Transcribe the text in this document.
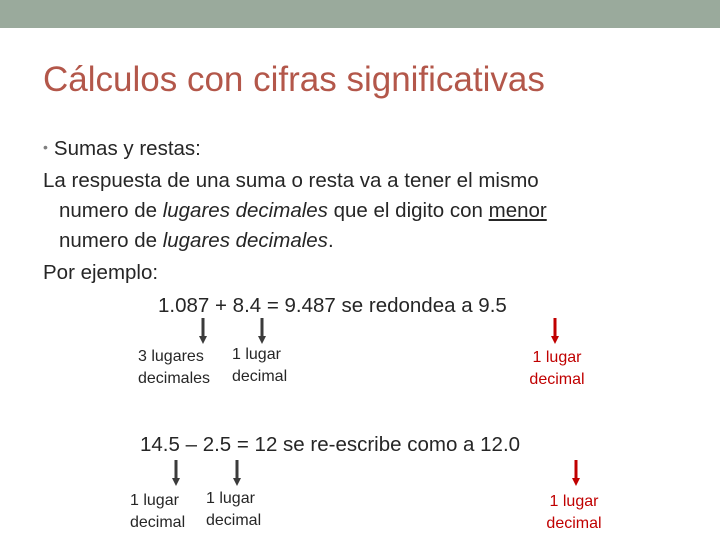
Cálculos con cifras significativas
• Sumas y restas:
La respuesta de una suma o resta va a tener el mismo
numero de lugares decimales que el digito con menor
numero de lugares decimales.
Por ejemplo:
1.087 + 8.4 = 9.487 se redondea a 9.5
3 lugares
decimales
1 lugar
decimal
1 lugar
decimal
14.5 – 2.5 = 12 se re-escribe como a 12.0
1 lugar
decimal
1 lugar
decimal
1 lugar
decimal
